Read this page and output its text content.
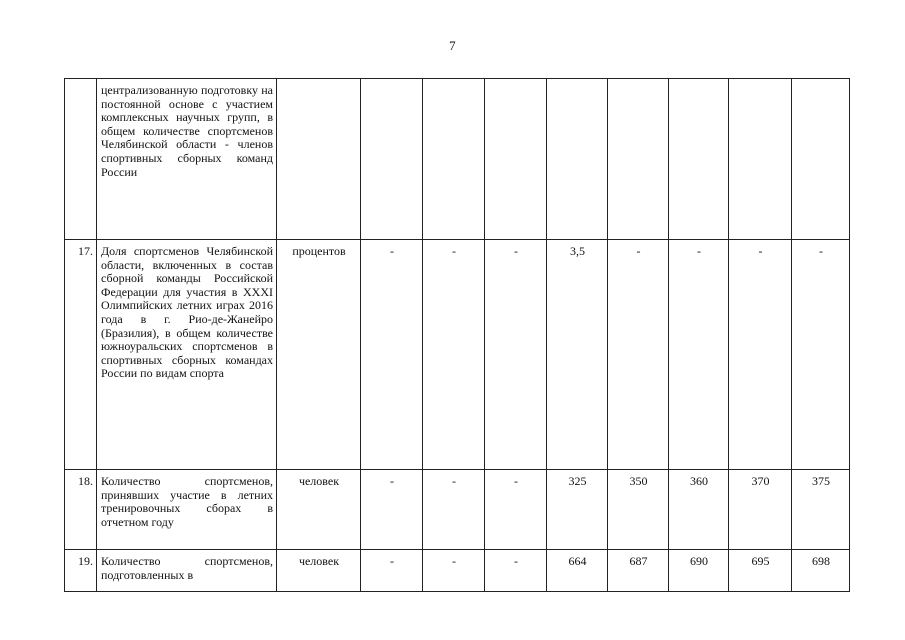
7
	централизованную подготовку на постоянной основе с участием комплексных научных групп, в общем количестве спортсменов Челябинской области - членов спортивных сборных команд России									
17.	Доля спортсменов Челябинской области, включенных в состав сборной команды Российской Федерации для участия в XXXI Олимпийских летних играх 2016 года в г. Рио-де-Жанейро (Бразилия), в общем количестве южноуральских спортсменов в спортивных сборных командах России по видам спорта	процентов	-	-	-	3,5	-	-	-	-
18.	Количество спортсменов, принявших участие в летних тренировочных сборах в отчетном году	человек	-	-	-	325	350	360	370	375
19.	Количество спортсменов, подготовленных в	человек	-	-	-	664	687	690	695	698
